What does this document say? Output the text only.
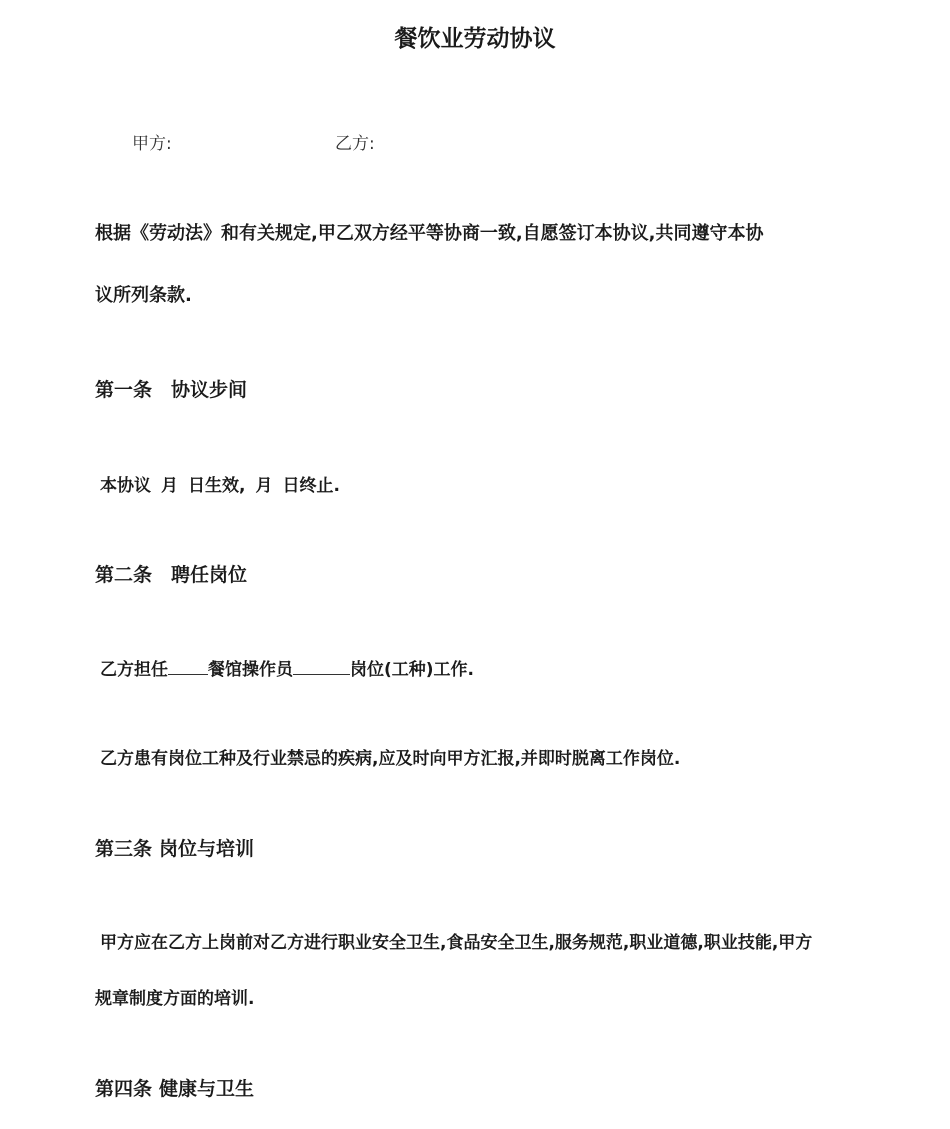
餐饮业劳动协议
甲方:	乙方:
根据《劳动法》和有关规定,甲乙双方经平等协商一致,自愿签订本协议,共同遵守本协
议所列条款.
第一条 协议步间
本协议 月 日生效, 月 日终止.
第二条 聘任岗位
乙方担任 餐馆操作员	岗位(工种)工作.
乙方患有岗位工种及行业禁忌的疾病,应及时向甲方汇报,并即时脱离工作岗位.
第三条 岗位与培训
甲方应在乙方上岗前对乙方进行职业安全卫生,食品安全卫生,服务规范,职业道德,职业技能,甲方
规章制度方面的培训.
第四条 健康与卫生
